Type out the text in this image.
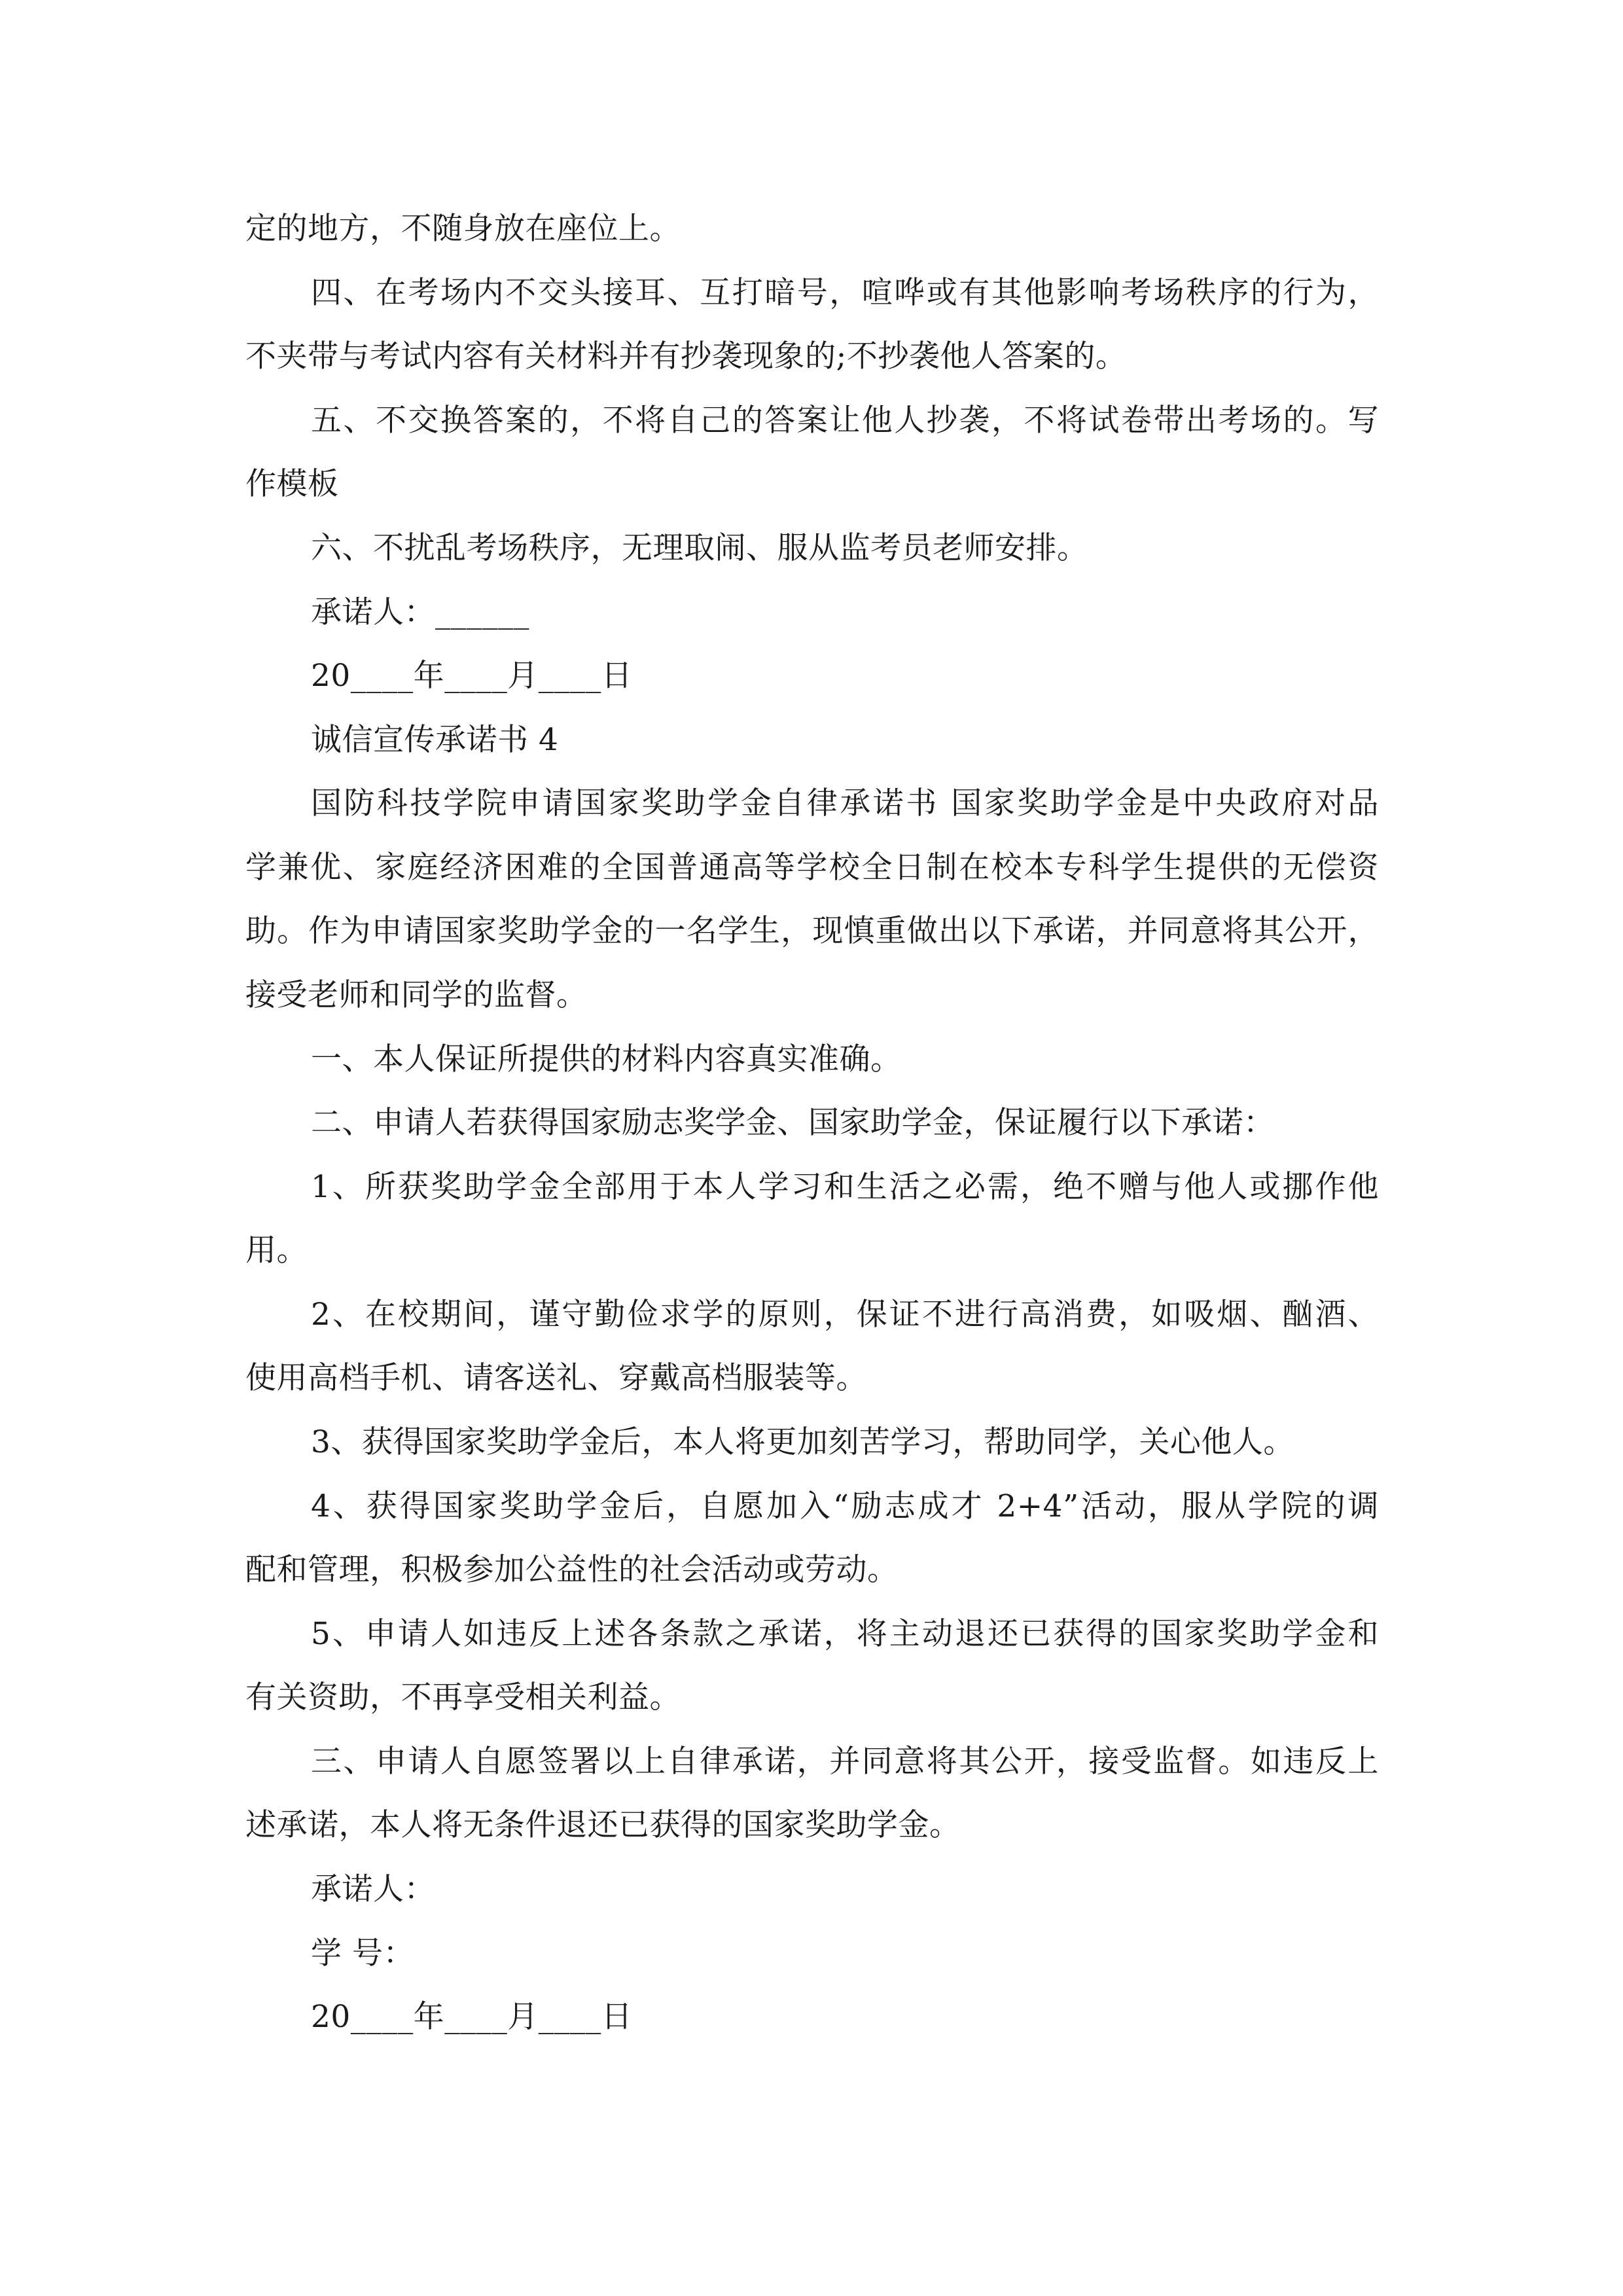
定的地方，不随身放在座位上。
四、在考场内不交头接耳、互打暗号，喧哗或有其他影响考场秩序的行为，
不夹带与考试内容有关材料并有抄袭现象的;不抄袭他人答案的。
五、不交换答案的，不将自己的答案让他人抄袭，不将试卷带出考场的。写
作模板
六、不扰乱考场秩序，无理取闹、服从监考员老师安排。
承诺人：______
20____年____月____日
诚信宣传承诺书 4
国防科技学院申请国家奖助学金自律承诺书 国家奖助学金是中央政府对品
学兼优、家庭经济困难的全国普通高等学校全日制在校本专科学生提供的无偿资
助。作为申请国家奖助学金的一名学生，现慎重做出以下承诺，并同意将其公开，
接受老师和同学的监督。
一、本人保证所提供的材料内容真实准确。
二、申请人若获得国家励志奖学金、国家助学金，保证履行以下承诺：
1、所获奖助学金全部用于本人学习和生活之必需，绝不赠与他人或挪作他
用。
2、在校期间，谨守勤俭求学的原则，保证不进行高消费，如吸烟、酗酒、
使用高档手机、请客送礼、穿戴高档服装等。
3、获得国家奖助学金后，本人将更加刻苦学习，帮助同学，关心他人。
4、获得国家奖助学金后，自愿加入“励志成才 2+4”活动，服从学院的调
配和管理，积极参加公益性的社会活动或劳动。
5、申请人如违反上述各条款之承诺，将主动退还已获得的国家奖助学金和
有关资助，不再享受相关利益。
三、申请人自愿签署以上自律承诺，并同意将其公开，接受监督。如违反上
述承诺，本人将无条件退还已获得的国家奖助学金。
承诺人：
学 号：
20____年____月____日
